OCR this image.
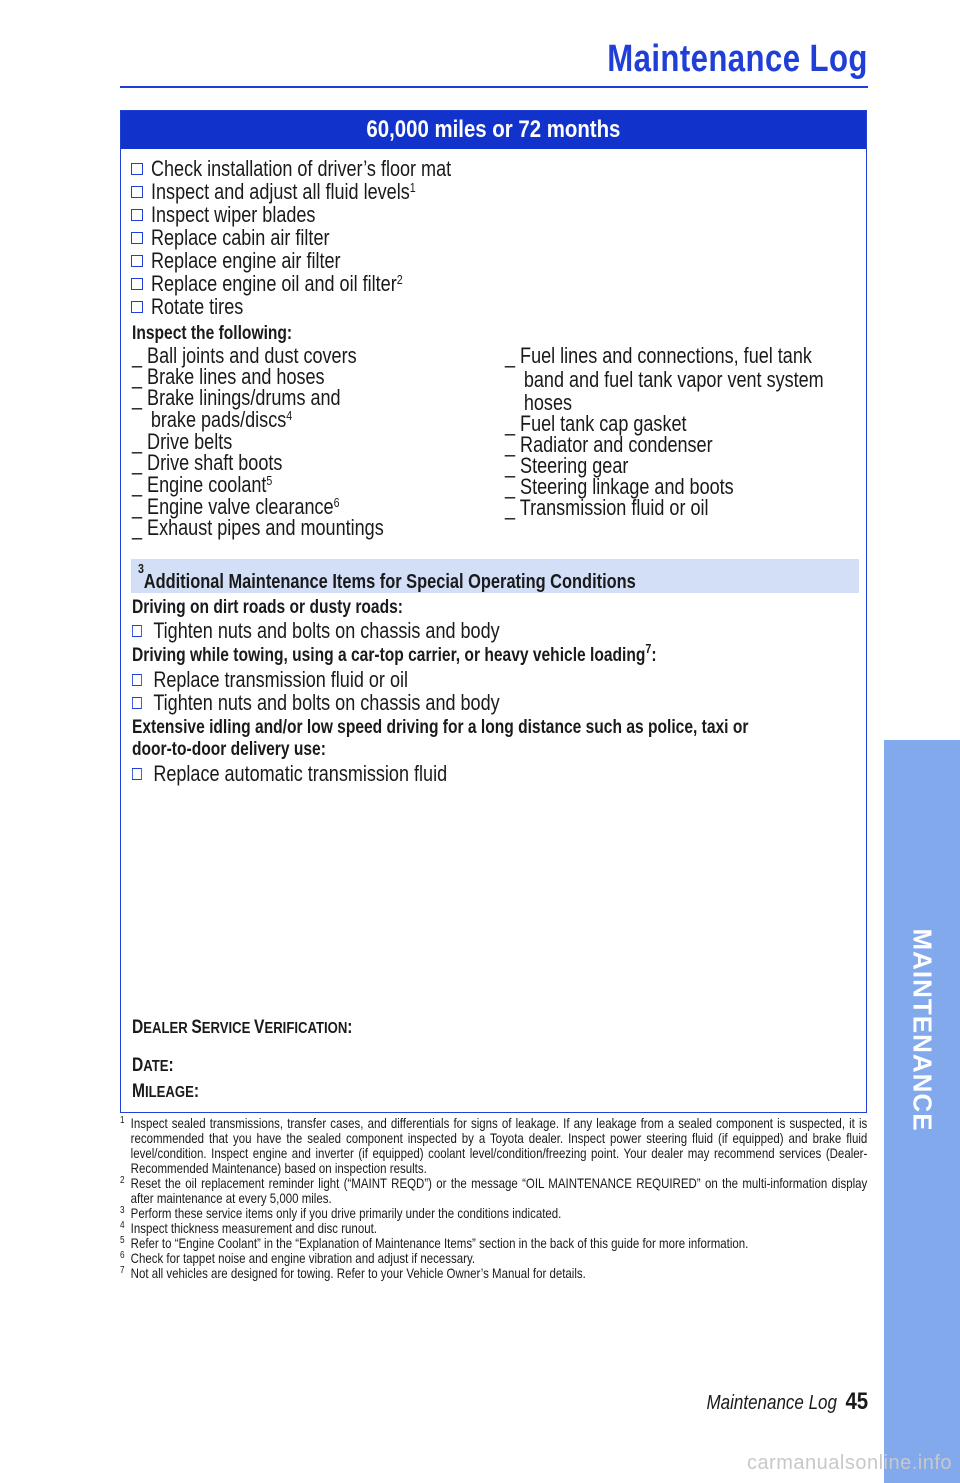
Maintenance Log
MAINTENANCE
60,000 miles or 72 months
Check installation of driver’s floor mat
Inspect and adjust all fluid levels$^1$
Inspect wiper blades
Replace cabin air filter
Replace engine air filter
Replace engine oil and oil filter$^2$
Rotate tires
Inspect the following:
_ Ball joints and dust covers
_ Brake lines and hoses
_ Brake linings/drums and
brake pads/discs$^4$
_ Drive belts
_ Drive shaft boots
_ Engine coolant$^5$
_ Engine valve clearance$^6$
_ Exhaust pipes and mountings
_ Fuel lines and connections, fuel tank
band and fuel tank vapor vent system
hoses
_ Fuel tank cap gasket
_ Radiator and condenser
_ Steering gear
_ Steering linkage and boots
_ Transmission fluid or oil
Additional Maintenance Items for Special Operating Conditions
$^3$
Driving on dirt roads or dusty roads:
Tighten nuts and bolts on chassis and body
Driving while towing, using a car-top carrier, or heavy vehicle loading$^7$:
Replace transmission fluid or oil
Tighten nuts and bolts on chassis and body
Extensive idling and/or low speed driving for a long distance such as police, taxi or
door-to-door delivery use:
Replace automatic transmission fluid
DEALER SERVICE VERIFICATION:
DATE:
MILEAGE:
1 Inspect sealed transmissions, transfer cases, and differentials for signs of leakage. If any leakage from a sealed component is suspected, it is recommended that you have the sealed component inspected by a Toyota dealer. Inspect power steering fluid (if equipped) and brake fluid level/condition. Inspect engine and inverter (if equipped) coolant level/condition/freezing point. Your dealer may recommend services (Dealer-Recommended Maintenance) based on inspection results.
2 Reset the oil replacement reminder light (“MAINT REQD”) or the message “OIL MAINTENANCE REQUIRED” on the multi-information display after maintenance at every 5,000 miles.
3 Perform these service items only if you drive primarily under the conditions indicated.
4 Inspect thickness measurement and disc runout.
5 Refer to “Engine Coolant” in the “Explanation of Maintenance Items” section in the back of this guide for more information.
6 Check for tappet noise and engine vibration and adjust if necessary.
7 Not all vehicles are designed for towing. Refer to your Vehicle Owner’s Manual for details.
Maintenance Log 45
carmanualsonline.info
